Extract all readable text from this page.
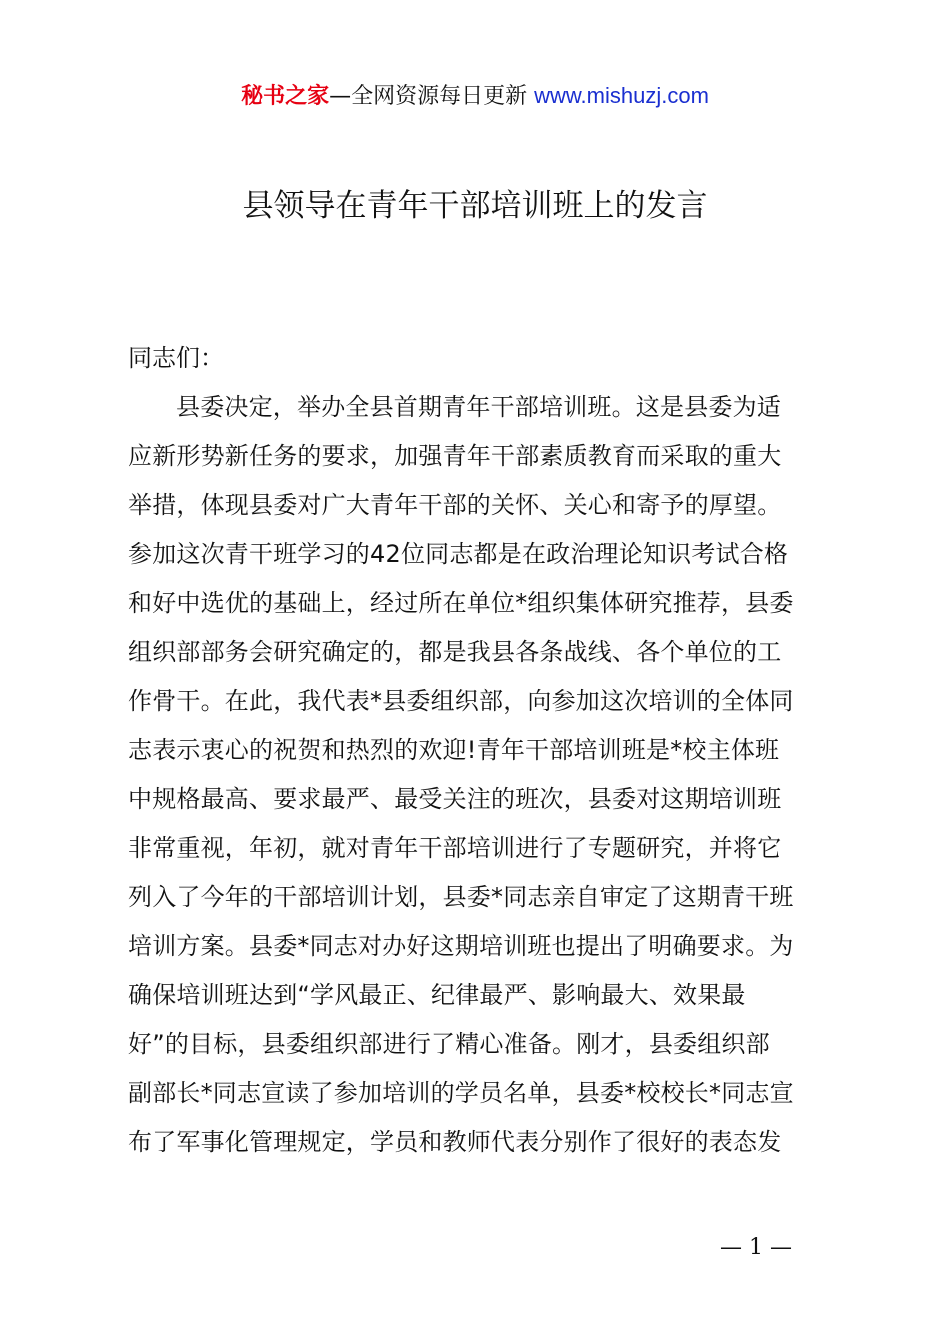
秘书之家—全网资源每日更新 www.mishuzj.com
县领导在青年干部培训班上的发言
同志们：
县委决定，举办全县首期青年干部培训班。这是县委为适
应新形势新任务的要求，加强青年干部素质教育而采取的重大
举措，体现县委对广大青年干部的关怀、关心和寄予的厚望。
参加这次青干班学习的42位同志都是在政治理论知识考试合格
和好中选优的基础上，经过所在单位*组织集体研究推荐，县委
组织部部务会研究确定的，都是我县各条战线、各个单位的工
作骨干。在此，我代表*县委组织部，向参加这次培训的全体同
志表示衷心的祝贺和热烈的欢迎!青年干部培训班是*校主体班
中规格最高、要求最严、最受关注的班次，县委对这期培训班
非常重视，年初，就对青年干部培训进行了专题研究，并将它
列入了今年的干部培训计划，县委*同志亲自审定了这期青干班
培训方案。县委*同志对办好这期培训班也提出了明确要求。为
确保培训班达到“学风最正、纪律最严、影响最大、效果最
好”的目标，县委组织部进行了精心准备。刚才，县委组织部
副部长*同志宣读了参加培训的学员名单，县委*校校长*同志宣
布了军事化管理规定，学员和教师代表分别作了很好的表态发
— 1 —
